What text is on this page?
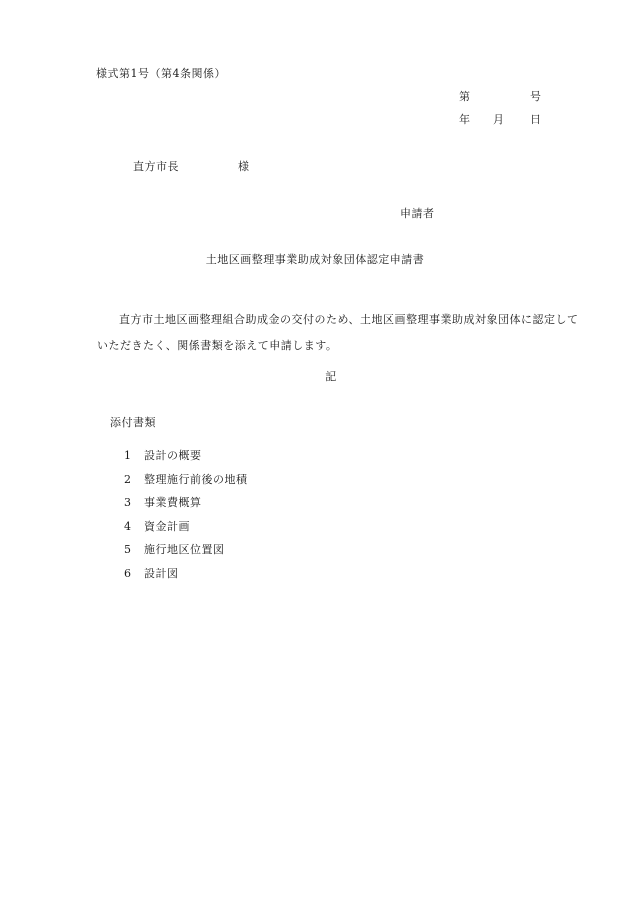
様式第1号（第4条関係）
第	号
年 月 日
直方市長	様
申請者
土地区画整理事業助成対象団体認定申請書

直方市土地区画整理組合助成金の交付のため、土地区画整理事業助成対象団体に認定していただきたく、関係書類を添えて申請します。

記
添付書類
1 設計の概要
2 整理施行前後の地積
3 事業費概算
4 資金計画
5 施行地区位置図
6 設計図
